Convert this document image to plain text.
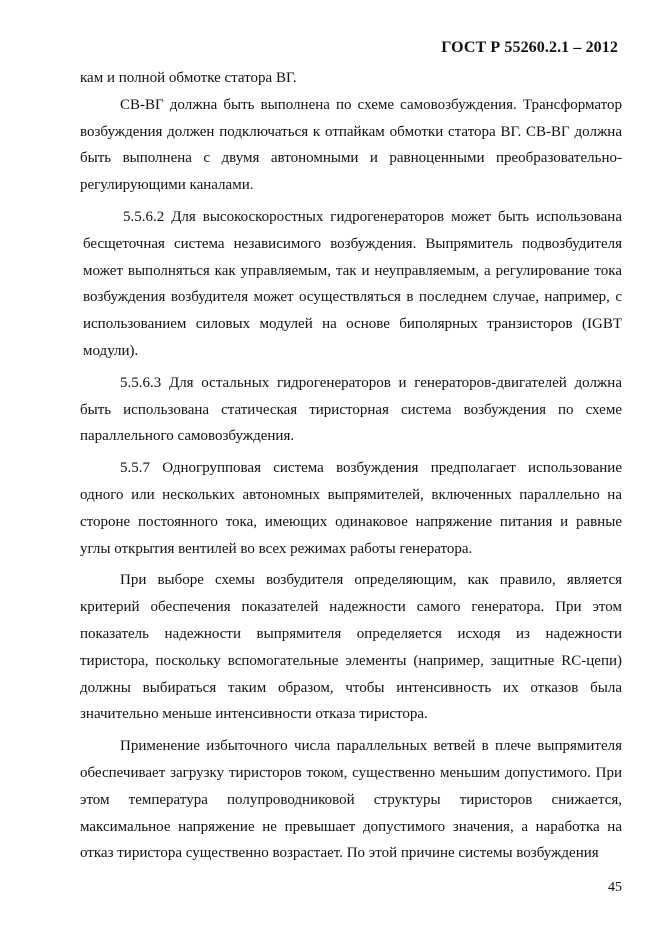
ГОСТ Р 55260.2.1 – 2012

кам и полной обмотке статора ВГ.

СВ-ВГ должна быть выполнена по схеме самовозбуждения. Трансформатор возбуждения должен подключаться к отпайкам обмотки статора ВГ. СВ-ВГ должна быть выполнена с двумя автономными и равноценными преобразовательно-регулирующими каналами.

5.5.6.2 Для высокоскоростных гидрогенераторов может быть использована бесщеточная система независимого возбуждения. Выпрямитель подвозбудителя может выполняться как управляемым, так и неуправляемым, а регулирование тока возбуждения возбудителя может осуществляться в последнем случае, например, с использованием силовых модулей на основе биполярных транзисторов (IGBT модули).

5.5.6.3 Для остальных гидрогенераторов и генераторов-двигателей должна быть использована статическая тиристорная система возбуждения по схеме параллельного самовозбуждения.

5.5.7 Одногрупповая система возбуждения предполагает использование одного или нескольких автономных выпрямителей, включенных параллельно на стороне постоянного тока, имеющих одинаковое напряжение питания и равные углы открытия вентилей во всех режимах работы генератора.

При выборе схемы возбудителя определяющим, как правило, является критерий обеспечения показателей надежности самого генератора. При этом показатель надежности выпрямителя определяется исходя из надежности тиристора, поскольку вспомогательные элементы (например, защитные RC-цепи) должны выбираться таким образом, чтобы интенсивность их отказов была значительно меньше интенсивности отказа тиристора.

Применение избыточного числа параллельных ветвей в плече выпрямителя обеспечивает загрузку тиристоров током, существенно меньшим допустимого. При этом температура полупроводниковой структуры тиристоров снижается, максимальное напряжение не превышает допустимого значения, а наработка на отказ тиристора существенно возрастает. По этой причине системы возбуждения

45
